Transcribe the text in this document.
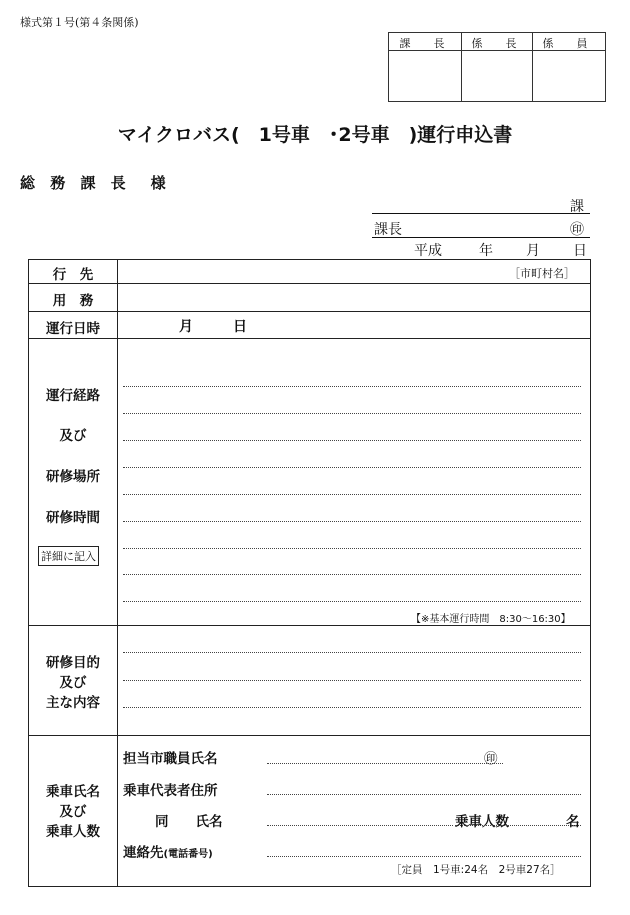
様式第１号(第４条関係)
課　長	係　長	係　員
マイクロバス(　1号車　･2号車　)運行申込書
総 務 課 長　様
課
課長	㊞
平成	年 月 日
行　先	［市町村名］
用　務
運行日時	月	日
運行経路
及び
研修場所
研修時間
詳細に記入
【※基本運行時間　8:30～16:30】
研修目的
及び
主な内容
乗車氏名
及び
乗車人数
担当市職員氏名	㊞
乗車代表者住所
同　　氏名	乗車人数	名
連絡先(電話番号)
［定員　1号車:24名　2号車27名］
